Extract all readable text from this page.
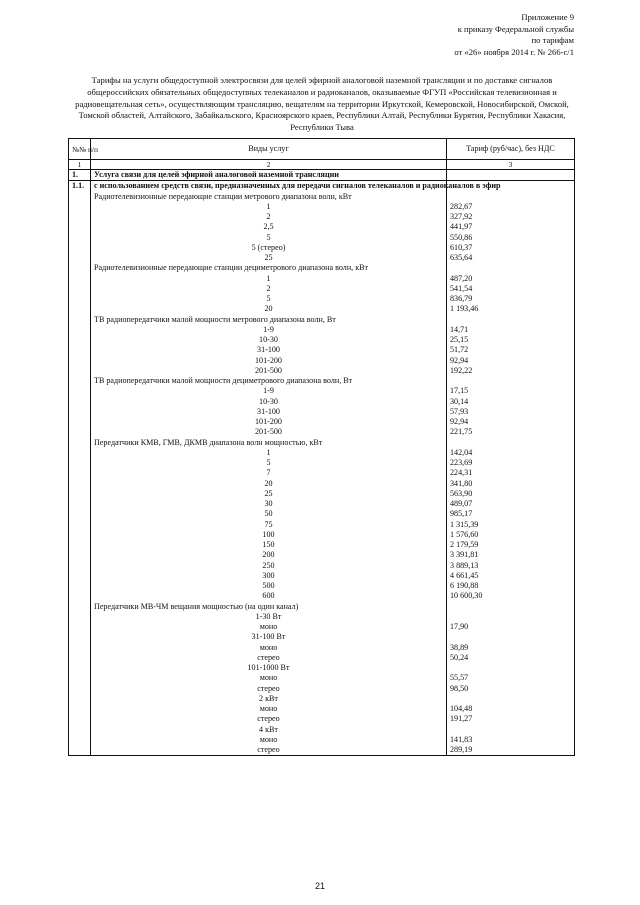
Приложение 9
к приказу Федеральной службы
по тарифам
от «26» ноября 2014 г. № 266-с/1
Тарифы на услуги общедоступной электросвязи для целей эфирной аналоговой наземной трансляции и по доставке сигналов общероссийских обязательных общедоступных телеканалов и радиоканалов, оказываемые ФГУП «Российская телевизионная и радиовещательная сеть», осуществляющим трансляцию, вещателям на территории Иркутской, Кемеровской, Новосибирской, Омской, Томской областей, Алтайского, Забайкальского, Красноярского краев, Республики Алтай, Республики Бурятия, Республики Хакасия, Республики Тыва
№№ п/п	Виды услуг	Тариф (руб/час), без НДС
1	2	3
1.	Услуга связи для целей эфирной аналоговой наземной трансляции	
1.1.	с использованием средств связи, предназначенных для передачи сигналов телеканалов и радиоканалов в эфир	
	Радиотелевизионные передающие станции метрового диапазона волн, кВт	
	1	282,67
	2	327,92
	2,5	441,97
	5	550,86
	5 (стерео)	610,37
	25	635,64
	Радиотелевизионные передающие станции дециметрового диапазона волн, кВт	
	1	487,20
	2	541,54
	5	836,79
	20	1 193,46
	ТВ радиопередатчики малой мощности метрового диапазона волн, Вт	
	1-9	14,71
	10-30	25,15
	31-100	51,72
	101-200	92,94
	201-500	192,22
	ТВ радиопередатчики малой мощности дециметрового диапазона волн, Вт	
	1-9	17,15
	10-30	30,14
	31-100	57,93
	101-200	92,94
	201-500	221,75
	Передатчики КМВ, ГМВ, ДКМВ диапазона волн мощностью, кВт	
	1	142,04
	5	223,69
	7	224,31
	20	341,80
	25	563,90
	30	489,07
	50	985,17
	75	1 315,39
	100	1 576,60
	150	2 179,59
	200	3 391,81
	250	3 889,13
	300	4 661,45
	500	6 190,88
	600	10 600,30
	Передатчики МВ-ЧМ вещания мощностью (на один канал)	
	1-30 Вт	
	моно	17,90
	31-100 Вт	
	моно	38,89
	стерео	50,24
	101-1000 Вт	
	моно	55,57
	стерео	98,50
	2 кВт	
	моно	104,48
	стерео	191,27
	4 кВт	
	моно	141,83
	стерео	289,19
21
